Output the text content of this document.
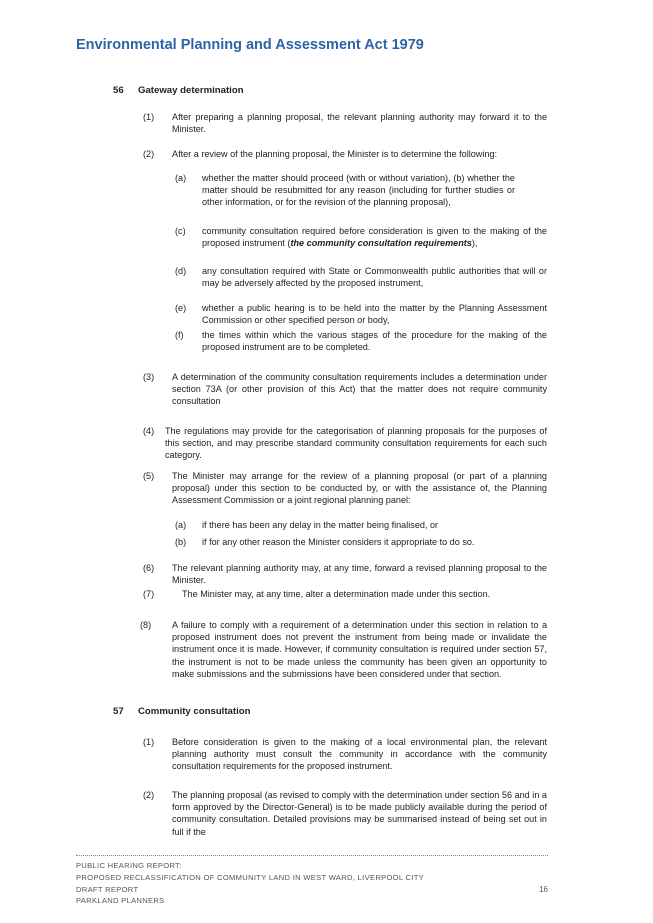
Environmental Planning and Assessment Act 1979
56 Gateway determination
(1) After preparing a planning proposal, the relevant planning authority may forward it to the Minister.
(2) After a review of the planning proposal, the Minister is to determine the following:
(a) whether the matter should proceed (with or without variation), (b) whether the matter should be resubmitted for any reason (including for further studies or other information, or for the revision of the planning proposal),
(c) community consultation required before consideration is given to the making of the proposed instrument (the community consultation requirements),
(d) any consultation required with State or Commonwealth public authorities that will or may be adversely affected by the proposed instrument,
(e) whether a public hearing is to be held into the matter by the Planning Assessment Commission or other specified person or body,
(f) the times within which the various stages of the procedure for the making of the proposed instrument are to be completed.
(3) A determination of the community consultation requirements includes a determination under section 73A (or other provision of this Act) that the matter does not require community consultation
(4) The regulations may provide for the categorisation of planning proposals for the purposes of this section, and may prescribe standard community consultation requirements for each such category.
(5) The Minister may arrange for the review of a planning proposal (or part of a planning proposal) under this section to be conducted by, or with the assistance of, the Planning Assessment Commission or a joint regional planning panel:
(a) if there has been any delay in the matter being finalised, or
(b) if for any other reason the Minister considers it appropriate to do so.
(6) The relevant planning authority may, at any time, forward a revised planning proposal to the Minister.
(7)	The Minister may, at any time, alter a determination made under this section.
(8) A failure to comply with a requirement of a determination under this section in relation to a proposed instrument does not prevent the instrument from being made or invalidate the instrument once it is made. However, if community consultation is required under section 57, the instrument is not to be made unless the community has been given an opportunity to make submissions and the submissions have been considered under that section.
57 Community consultation
(1) Before consideration is given to the making of a local environmental plan, the relevant planning authority must consult the community in accordance with the community consultation requirements for the proposed instrument.
(2) The planning proposal (as revised to comply with the determination under section 56 and in a form approved by the Director-General) is to be made publicly available during the period of community consultation. Detailed provisions may be summarised instead of being set out in full if the
PUBLIC HEARING REPORT:
PROPOSED RECLASSIFICATION OF COMMUNITY LAND IN WEST WARD, LIVERPOOL CITY
DRAFT REPORT
PARKLAND PLANNERS
16
